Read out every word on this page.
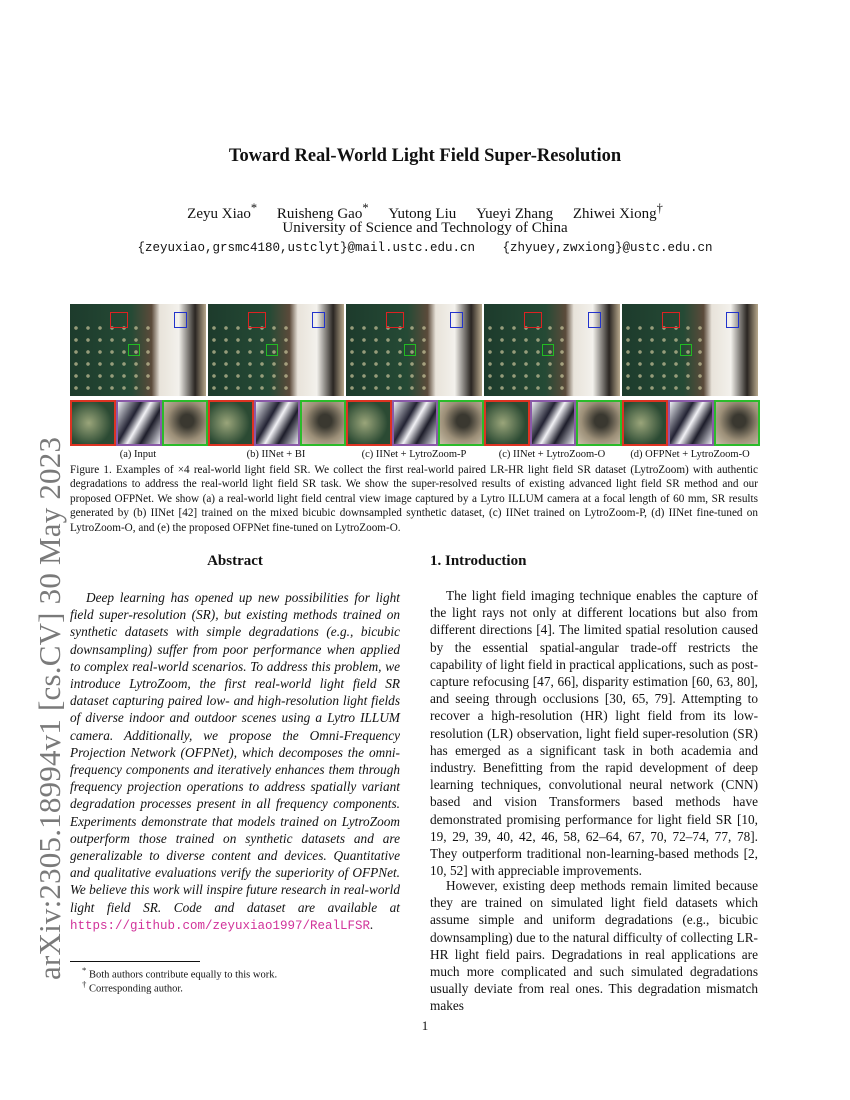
arXiv:2305.18994v1 [cs.CV] 30 May 2023
Toward Real-World Light Field Super-Resolution
Zeyu Xiao* Ruisheng Gao* Yutong Liu Yueyi Zhang Zhiwei Xiong†
University of Science and Technology of China
{zeyuxiao,grsmc4180,ustclyt}@mail.ustc.edu.cn {zhyuey,zwxiong}@ustc.edu.cn
(a) Input	(b) IINet + BI	(c) IINet + LytroZoom-P	(c) IINet + LytroZoom-O	(d) OFPNet + LytroZoom-O
Figure 1. Examples of ×4 real-world light field SR. We collect the first real-world paired LR-HR light field SR dataset (LytroZoom) with authentic degradations to address the real-world light field SR task. We show the super-resolved results of existing advanced light field SR method and our proposed OFPNet. We show (a) a real-world light field central view image captured by a Lytro ILLUM camera at a focal length of 60 mm, SR results generated by (b) IINet [42] trained on the mixed bicubic downsampled synthetic dataset, (c) IINet trained on LytroZoom-P, (d) IINet fine-tuned on LytroZoom-O, and (e) the proposed OFPNet fine-tuned on LytroZoom-O.
Abstract
Deep learning has opened up new possibilities for light field super-resolution (SR), but existing methods trained on synthetic datasets with simple degradations (e.g., bicubic downsampling) suffer from poor performance when applied to complex real-world scenarios. To address this problem, we introduce LytroZoom, the first real-world light field SR dataset capturing paired low- and high-resolution light fields of diverse indoor and outdoor scenes using a Lytro ILLUM camera. Additionally, we propose the Omni-Frequency Projection Network (OFPNet), which decomposes the omni-frequency components and iteratively enhances them through frequency projection operations to address spatially variant degradation processes present in all frequency components. Experiments demonstrate that models trained on LytroZoom outperform those trained on synthetic datasets and are generalizable to diverse content and devices. Quantitative and qualitative evaluations verify the superiority of OFPNet. We believe this work will inspire future research in real-world light field SR. Code and dataset are available at https://github.com/zeyuxiao1997/RealLFSR.
1. Introduction
The light field imaging technique enables the capture of the light rays not only at different locations but also from different directions [4]. The limited spatial resolution caused by the essential spatial-angular trade-off restricts the capability of light field in practical applications, such as post-capture refocusing [47, 66], disparity estimation [60, 63, 80], and seeing through occlusions [30, 65, 79]. Attempting to recover a high-resolution (HR) light field from its low-resolution (LR) observation, light field super-resolution (SR) has emerged as a significant task in both academia and industry. Benefitting from the rapid development of deep learning techniques, convolutional neural network (CNN) based and vision Transformers based methods have demonstrated promising performance for light field SR [10, 19, 29, 39, 40, 42, 46, 58, 62–64, 67, 70, 72–74, 77, 78]. They outperform traditional non-learning-based methods [2, 10, 52] with appreciable improvements.
However, existing deep methods remain limited because they are trained on simulated light field datasets which assume simple and uniform degradations (e.g., bicubic downsampling) due to the natural difficulty of collecting LR-HR light field pairs. Degradations in real applications are much more complicated and such simulated degradations usually deviate from real ones. This degradation mismatch makes
* Both authors contribute equally to this work.
† Corresponding author.
1
